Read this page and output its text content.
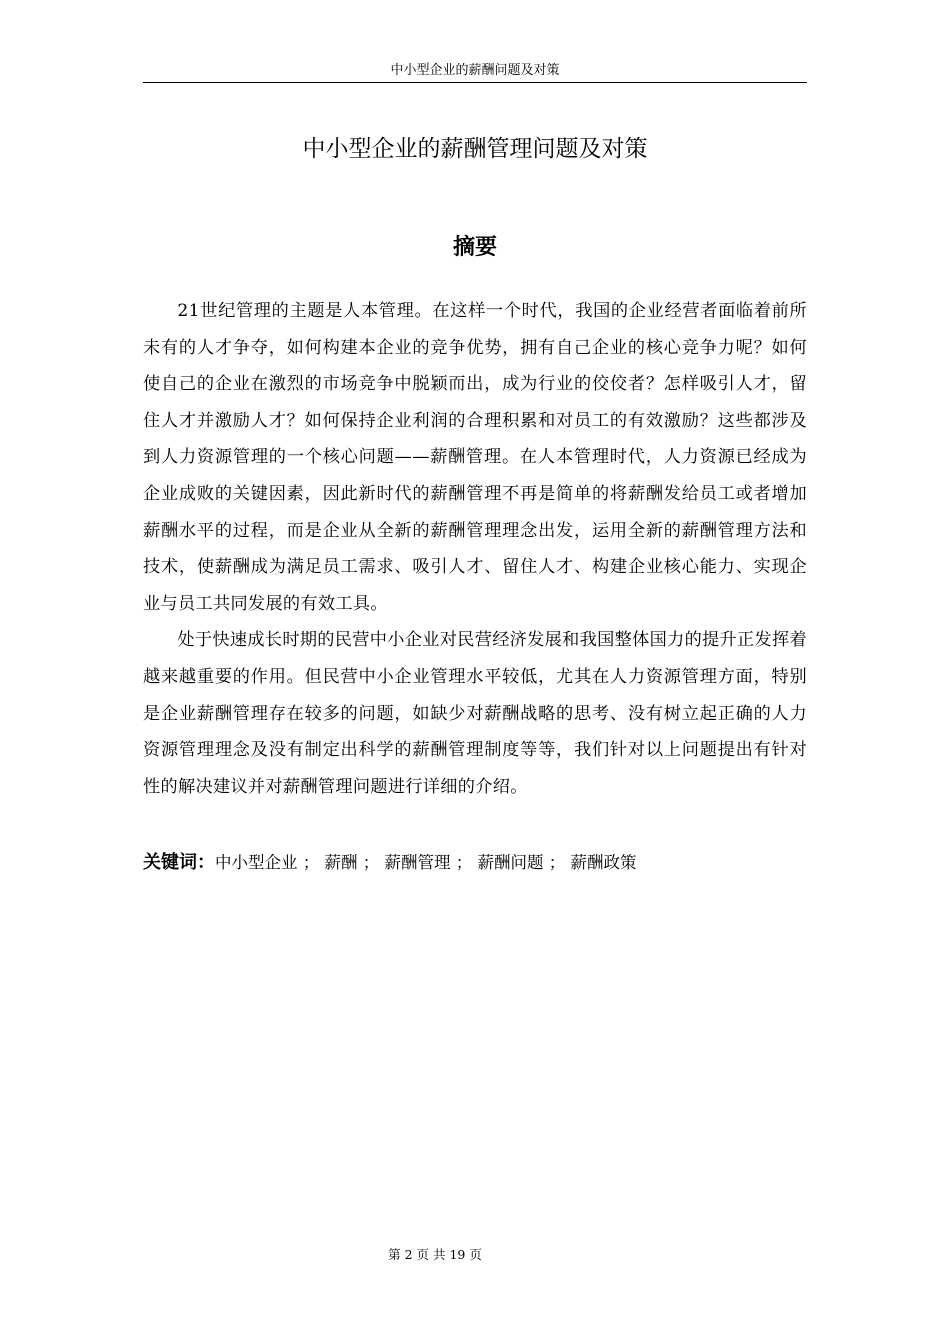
中小型企业的薪酬问题及对策
中小型企业的薪酬管理问题及对策
摘要

21世纪管理的主题是人本管理。在这样一个时代，我国的企业经营者面临着前所未有的人才争夺，如何构建本企业的竞争优势，拥有自己企业的核心竞争力呢？如何使自己的企业在激烈的市场竞争中脱颖而出，成为行业的佼佼者？怎样吸引人才，留住人才并激励人才？如何保持企业利润的合理积累和对员工的有效激励？这些都涉及到人力资源管理的一个核心问题——薪酬管理。在人本管理时代，人力资源已经成为企业成败的关键因素，因此新时代的薪酬管理不再是简单的将薪酬发给员工或者增加薪酬水平的过程，而是企业从全新的薪酬管理理念出发，运用全新的薪酬管理方法和技术，使薪酬成为满足员工需求、吸引人才、留住人才、构建企业核心能力、实现企业与员工共同发展的有效工具。

处于快速成长时期的民营中小企业对民营经济发展和我国整体国力的提升正发挥着越来越重要的作用。但民营中小企业管理水平较低，尤其在人力资源管理方面，特别是企业薪酬管理存在较多的问题，如缺少对薪酬战略的思考、没有树立起正确的人力资源管理理念及没有制定出科学的薪酬管理制度等等，我们针对以上问题提出有针对性的解决建议并对薪酬管理问题进行详细的介绍。

关键词：中小型企业 ； 薪酬 ； 薪酬管理 ； 薪酬问题 ； 薪酬政策
第 2 页 共 19 页
